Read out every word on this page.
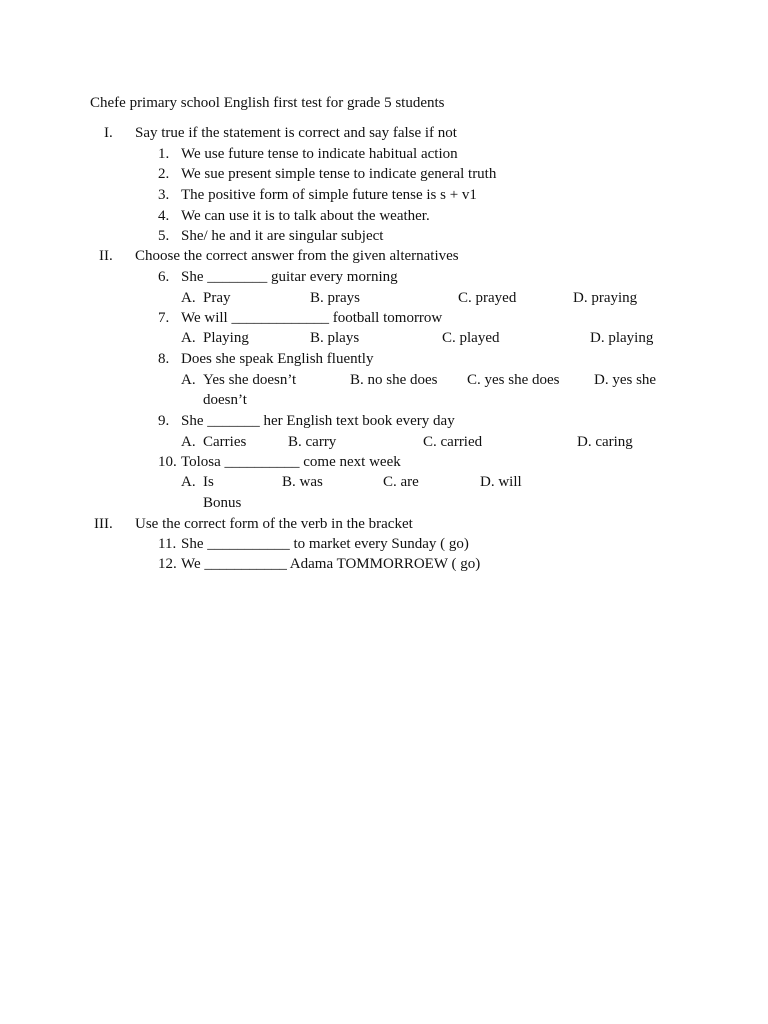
Chefe primary school English first test for grade 5 students
I. Say true if the statement is correct and say false if not
1. We use future tense to indicate habitual action
2. We sue present simple tense to indicate general truth
3. The positive form of simple future tense is s + v1
4. We can use it is to talk about the weather.
5. She/ he and it are singular subject
II. Choose the correct answer from the given alternatives
6. She ________ guitar every morning
A. Pray	B. prays	C. prayed	D. praying
7. We will _____________ football tomorrow
A. Playing	B. plays	C. played	D. playing
8. Does she speak English fluently
A. Yes she doesn’t	B. no she does C. yes she does D. yes she
doesn’t
9. She _______ her English text book every day
A. Carries	B. carry	C. carried	D. caring
10. Tolosa __________ come next week
A. Is	B. was	C. are	D. will
Bonus
III. Use the correct form of the verb in the bracket
11. She ___________ to market every Sunday ( go)
12. We ___________ Adama TOMMORROEW ( go)
